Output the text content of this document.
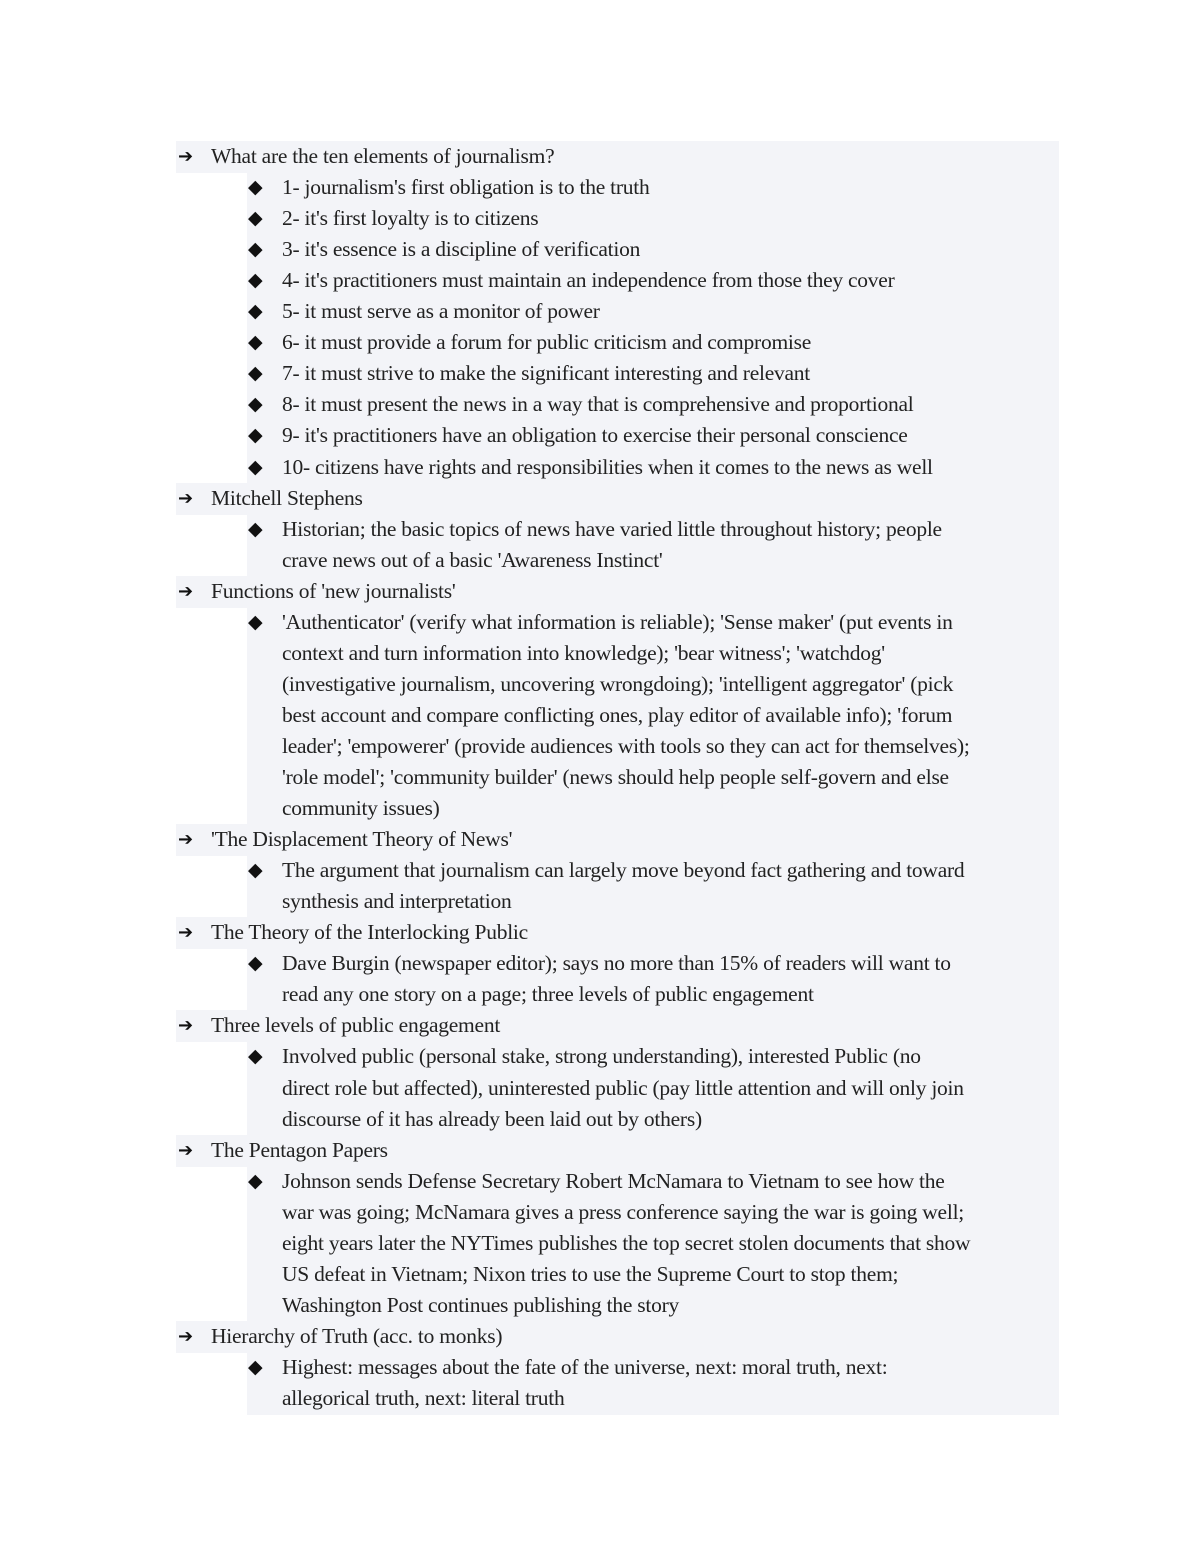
What are the ten elements of journalism?
➔
1- journalism's first obligation is to the truth
◆
2- it's first loyalty is to citizens
◆
3- it's essence is a discipline of verification
◆
4- it's practitioners must maintain an independence from those they cover
◆
5- it must serve as a monitor of power
◆
6- it must provide a forum for public criticism and compromise
◆
7- it must strive to make the significant interesting and relevant
◆
8- it must present the news in a way that is comprehensive and proportional
◆
9- it's practitioners have an obligation to exercise their personal conscience
◆
10- citizens have rights and responsibilities when it comes to the news as well
◆
Mitchell Stephens
➔
Historian; the basic topics of news have varied little throughout history; people
◆
crave news out of a basic 'Awareness Instinct'
Functions of 'new journalists'
➔
'Authenticator' (verify what information is reliable); 'Sense maker' (put events in
◆
context and turn information into knowledge); 'bear witness'; 'watchdog'
(investigative journalism, uncovering wrongdoing); 'intelligent aggregator' (pick
best account and compare conflicting ones, play editor of available info); 'forum
leader'; 'empowerer' (provide audiences with tools so they can act for themselves);
'role model'; 'community builder' (news should help people self-govern and else
community issues)
'The Displacement Theory of News'
➔
The argument that journalism can largely move beyond fact gathering and toward
◆
synthesis and interpretation
The Theory of the Interlocking Public
➔
Dave Burgin (newspaper editor); says no more than 15% of readers will want to
◆
read any one story on a page; three levels of public engagement
Three levels of public engagement
➔
Involved public (personal stake, strong understanding), interested Public (no
◆
direct role but affected), uninterested public (pay little attention and will only join
discourse of it has already been laid out by others)
The Pentagon Papers
➔
Johnson sends Defense Secretary Robert McNamara to Vietnam to see how the
◆
war was going; McNamara gives a press conference saying the war is going well;
eight years later the NYTimes publishes the top secret stolen documents that show
US defeat in Vietnam; Nixon tries to use the Supreme Court to stop them;
Washington Post continues publishing the story
Hierarchy of Truth (acc. to monks)
➔
Highest: messages about the fate of the universe, next: moral truth, next:
◆
allegorical truth, next: literal truth
